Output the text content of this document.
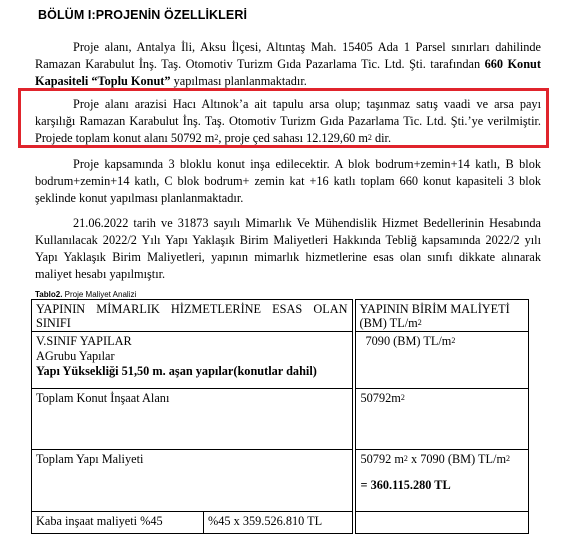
BÖLÜM I:PROJENİN ÖZELLİKLERİ
Proje alanı, Antalya İli, Aksu İlçesi, Altıntaş Mah. 15405 Ada 1 Parsel sınırları dahilinde Ramazan Karabulut İnş. Taş. Otomotiv Turizm Gıda Pazarlama Tic. Ltd. Şti. tarafından 660 Konut Kapasiteli “Toplu Konut” yapılması planlanmaktadır.
Proje alanı arazisi Hacı Altınok’a ait tapulu arsa olup; taşınmaz satış vaadi ve arsa payı karşılığı Ramazan Karabulut İnş. Taş. Otomotiv Turizm Gıda Pazarlama Tic. Ltd. Şti.’ye verilmiştir. Projede toplam konut alanı 50792 $m^2$, proje çed sahası 12.129,60 $m^2$ dir.
Proje kapsamında 3 bloklu konut inşa edilecektir. A blok bodrum+zemin+14 katlı, B blok bodrum+zemin+14 katlı, C blok bodrum+ zemin kat +16 katlı toplam 660 konut kapasiteli 3 blok şeklinde konut yapılması planlanmaktadır.
21.06.2022 tarih ve 31873 sayılı Mimarlık Ve Mühendislik Hizmet Bedellerinin Hesabında Kullanılacak 2022/2 Yılı Yapı Yaklaşık Birim Maliyetleri Hakkında Tebliğ kapsamında 2022/2 yılı Yapı Yaklaşık Birim Maliyetleri, yapının mimarlık hizmetlerine esas olan sınıfı dikkate alınarak maliyet hesabı yapılmıştır.
Tablo2. Proje Maliyet Analizi
YAPININ MİMARLIK HİZMETLERİNE ESAS OLAN SINIFI		YAPININ BİRİM MALİYETİ (BM) $TL/m^2$

V.SINIF YAPILAR
AGrubu Yapılar
Yapı Yüksekliği 51,50 m. aşan yapılar(konutlar dahil)		7090 (BM) $TL/m^2$

Toplam Konut İnşaat Alanı		$50792m^2$

Toplam Yapı Maliyeti		50792 $m^2$ x 7090 (BM) $TL/m^2$
= 360.115.280 TL

Kaba inşaat maliyeti %45	%45 x 359.526.810 TL	
